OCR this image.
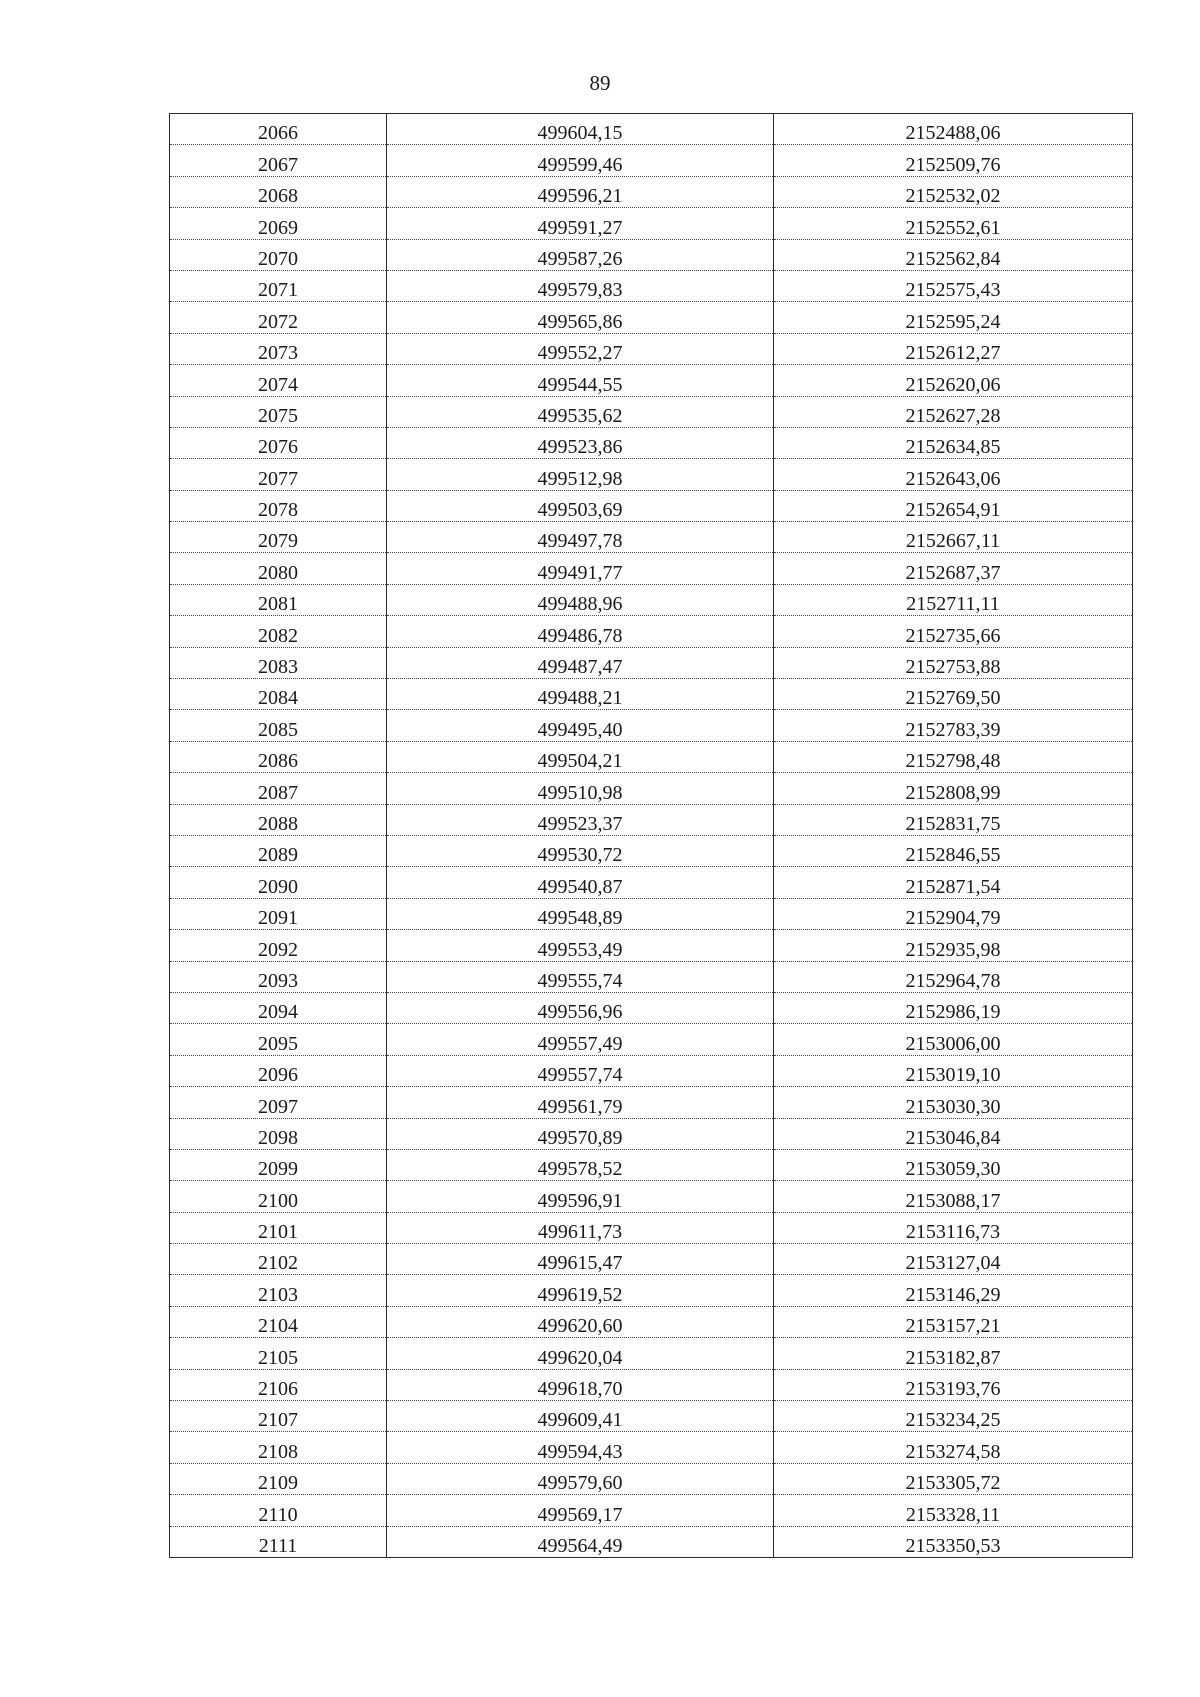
89
2066	499604,15	2152488,06
2067	499599,46	2152509,76
2068	499596,21	2152532,02
2069	499591,27	2152552,61
2070	499587,26	2152562,84
2071	499579,83	2152575,43
2072	499565,86	2152595,24
2073	499552,27	2152612,27
2074	499544,55	2152620,06
2075	499535,62	2152627,28
2076	499523,86	2152634,85
2077	499512,98	2152643,06
2078	499503,69	2152654,91
2079	499497,78	2152667,11
2080	499491,77	2152687,37
2081	499488,96	2152711,11
2082	499486,78	2152735,66
2083	499487,47	2152753,88
2084	499488,21	2152769,50
2085	499495,40	2152783,39
2086	499504,21	2152798,48
2087	499510,98	2152808,99
2088	499523,37	2152831,75
2089	499530,72	2152846,55
2090	499540,87	2152871,54
2091	499548,89	2152904,79
2092	499553,49	2152935,98
2093	499555,74	2152964,78
2094	499556,96	2152986,19
2095	499557,49	2153006,00
2096	499557,74	2153019,10
2097	499561,79	2153030,30
2098	499570,89	2153046,84
2099	499578,52	2153059,30
2100	499596,91	2153088,17
2101	499611,73	2153116,73
2102	499615,47	2153127,04
2103	499619,52	2153146,29
2104	499620,60	2153157,21
2105	499620,04	2153182,87
2106	499618,70	2153193,76
2107	499609,41	2153234,25
2108	499594,43	2153274,58
2109	499579,60	2153305,72
2110	499569,17	2153328,11
2111	499564,49	2153350,53
